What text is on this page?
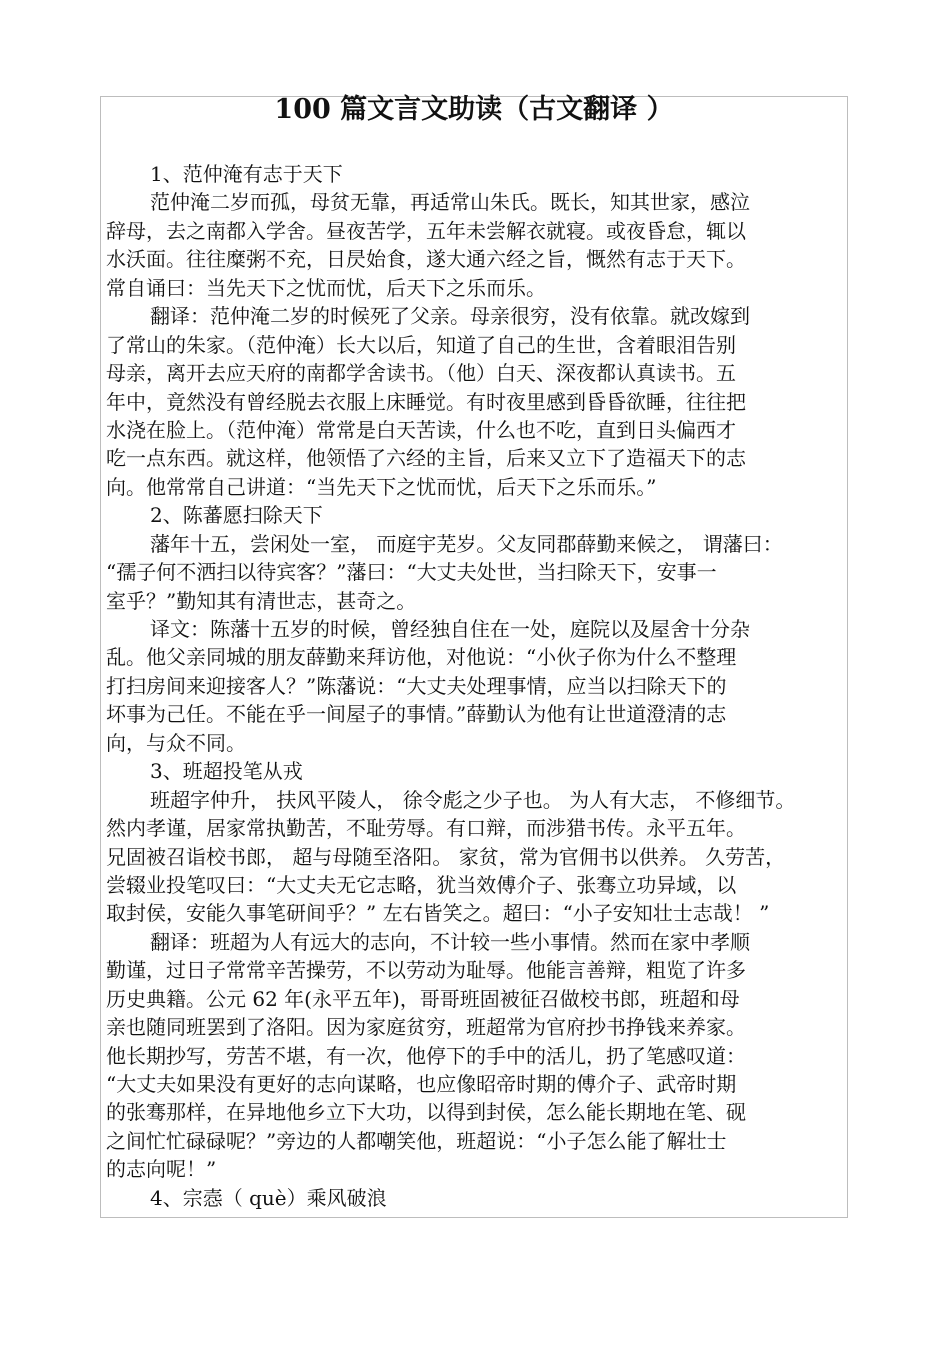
100 篇文言文助读（古文翻译 ）
1、范仲淹有志于天下
范仲淹二岁而孤，母贫无靠，再适常山朱氏。既长，知其世家，感泣
辞母，去之南都入学舍。昼夜苦学，五年未尝解衣就寝。或夜昏怠，辄以
水沃面。往往糜粥不充，日昃始食，遂大通六经之旨，慨然有志于天下。
常自诵曰：当先天下之忧而忧，后天下之乐而乐。
翻译：范仲淹二岁的时候死了父亲。母亲很穷，没有依靠。就改嫁到
了常山的朱家。（范仲淹）长大以后，知道了自己的生世，含着眼泪告别
母亲，离开去应天府的南都学舍读书。（他）白天、深夜都认真读书。五
年中，竟然没有曾经脱去衣服上床睡觉。有时夜里感到昏昏欲睡，往往把
水浇在脸上。（范仲淹）常常是白天苦读，什么也不吃，直到日头偏西才
吃一点东西。就这样，他领悟了六经的主旨，后来又立下了造福天下的志
向。他常常自己讲道：“当先天下之忧而忧，后天下之乐而乐。”
2、陈蕃愿扫除天下
藩年十五，尝闲处一室， 而庭宇芜岁。父友同郡薛勤来候之， 谓藩曰：
“孺子何不洒扫以待宾客？”藩曰：“大丈夫处世，当扫除天下，安事一
室乎？”勤知其有清世志，甚奇之。
译文：陈藩十五岁的时候，曾经独自住在一处，庭院以及屋舍十分杂
乱。他父亲同城的朋友薛勤来拜访他，对他说：“小伙子你为什么不整理
打扫房间来迎接客人？”陈藩说：“大丈夫处理事情，应当以扫除天下的
坏事为己任。不能在乎一间屋子的事情。”薛勤认为他有让世道澄清的志
向，与众不同。
3、班超投笔从戎
班超字仲升， 扶风平陵人， 徐令彪之少子也。 为人有大志， 不修细节。
然内孝谨，居家常执勤苦，不耻劳辱。有口辩，而涉猎书传。永平五年。
兄固被召诣校书郎， 超与母随至洛阳。 家贫，常为官佣书以供养。 久劳苦，
尝辍业投笔叹曰：“大丈夫无它志略，犹当效傅介子、张骞立功异域，以
取封侯，安能久事笔研间乎？” 左右皆笑之。超曰：“小子安知壮士志哉！ ”
翻译：班超为人有远大的志向，不计较一些小事情。然而在家中孝顺
勤谨，过日子常常辛苦操劳，不以劳动为耻辱。他能言善辩，粗览了许多
历史典籍。公元 62 年(永平五年)，哥哥班固被征召做校书郎，班超和母
亲也随同班罢到了洛阳。因为家庭贫穷，班超常为官府抄书挣钱来养家。
他长期抄写，劳苦不堪，有一次，他停下的手中的活儿，扔了笔感叹道：
“大丈夫如果没有更好的志向谋略，也应像昭帝时期的傅介子、武帝时期
的张骞那样，在异地他乡立下大功，以得到封侯，怎么能长期地在笔、砚
之间忙忙碌碌呢？”旁边的人都嘲笑他，班超说：“小子怎么能了解壮士
的志向呢！”
4、宗悫（ què）乘风破浪
